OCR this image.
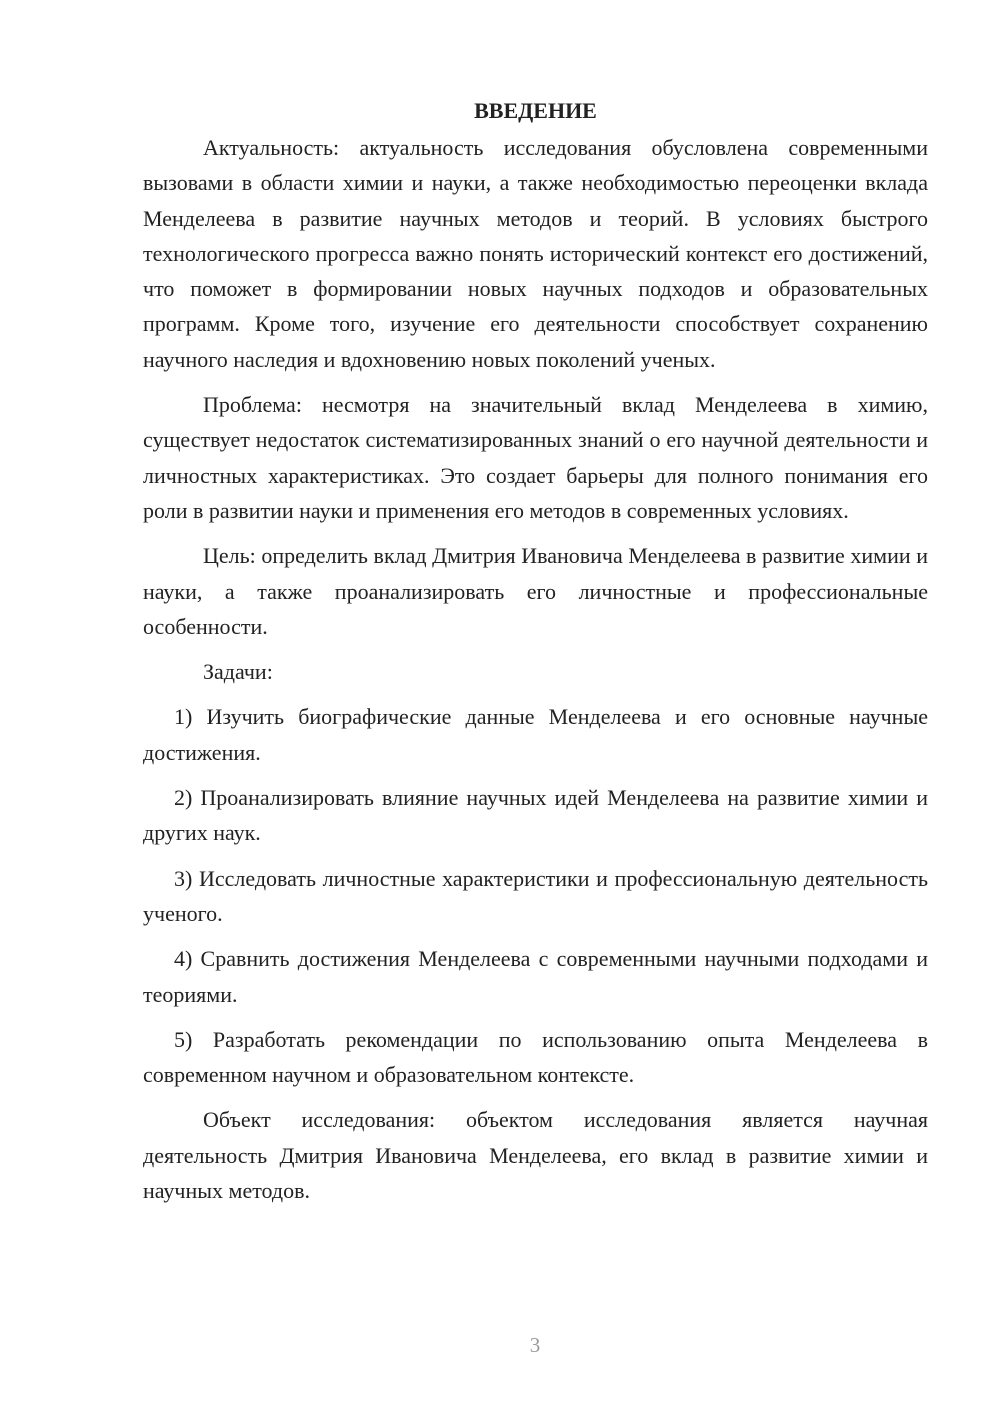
ВВЕДЕНИЕ

Актуальность: актуальность исследования обусловлена современными вызовами в области химии и науки, а также необходимостью переоценки вклада Менделеева в развитие научных методов и теорий. В условиях быстрого технологического прогресса важно понять исторический контекст его достижений, что поможет в формировании новых научных подходов и образовательных программ. Кроме того, изучение его деятельности способствует сохранению научного наследия и вдохновению новых поколений ученых.

Проблема: несмотря на значительный вклад Менделеева в химию, существует недостаток систематизированных знаний о его научной деятельности и личностных характеристиках. Это создает барьеры для полного понимания его роли в развитии науки и применения его методов в современных условиях.

Цель: определить вклад Дмитрия Ивановича Менделеева в развитие химии и науки, а также проанализировать его личностные и профессиональные особенности.

Задачи:

1) Изучить биографические данные Менделеева и его основные научные достижения.

2) Проанализировать влияние научных идей Менделеева на развитие химии и других наук.

3) Исследовать личностные характеристики и профессиональную деятельность ученого.

4) Сравнить достижения Менделеева с современными научными подходами и теориями.

5) Разработать рекомендации по использованию опыта Менделеева в современном научном и образовательном контексте.

Объект исследования: объектом исследования является научная деятельность Дмитрия Ивановича Менделеева, его вклад в развитие химии и научных методов.

3
